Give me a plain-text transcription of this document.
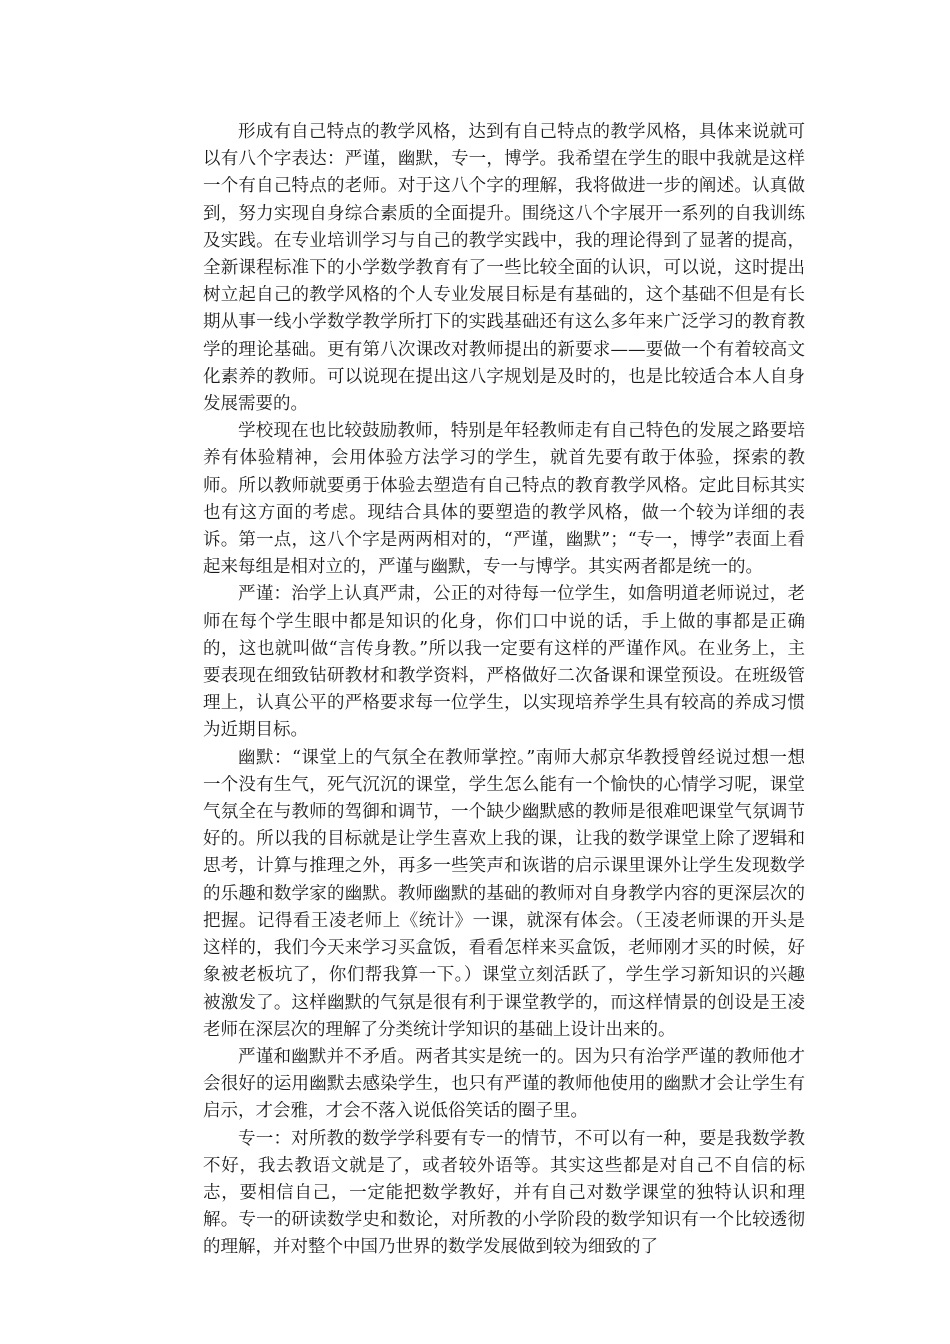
形成有自己特点的教学风格，达到有自己特点的教学风格，具体来说就可以有八个字表达：严谨，幽默，专一，博学。我希望在学生的眼中我就是这样一个有自己特点的老师。对于这八个字的理解，我将做进一步的阐述。认真做到，努力实现自身综合素质的全面提升。围绕这八个字展开一系列的自我训练及实践。在专业培训学习与自己的教学实践中，我的理论得到了显著的提高，全新课程标准下的小学数学教育有了一些比较全面的认识，可以说，这时提出树立起自己的教学风格的个人专业发展目标是有基础的，这个基础不但是有长期从事一线小学数学教学所打下的实践基础还有这么多年来广泛学习的教育教学的理论基础。更有第八次课改对教师提出的新要求——要做一个有着较高文化素养的教师。可以说现在提出这八字规划是及时的，也是比较适合本人自身发展需要的。

学校现在也比较鼓励教师，特别是年轻教师走有自己特色的发展之路要培养有体验精神，会用体验方法学习的学生，就首先要有敢于体验，探索的教师。所以教师就要勇于体验去塑造有自己特点的教育教学风格。定此目标其实也有这方面的考虑。现结合具体的要塑造的教学风格，做一个较为详细的表诉。第一点，这八个字是两两相对的，“严谨，幽默”；“专一，博学”表面上看起来每组是相对立的，严谨与幽默，专一与博学。其实两者都是统一的。

严谨：治学上认真严肃，公正的对待每一位学生，如詹明道老师说过，老师在每个学生眼中都是知识的化身，你们口中说的话，手上做的事都是正确的，这也就叫做“言传身教。”所以我一定要有这样的严谨作风。在业务上，主要表现在细致钻研教材和教学资料，严格做好二次备课和课堂预设。在班级管理上，认真公平的严格要求每一位学生，以实现培养学生具有较高的养成习惯为近期目标。

幽默：“课堂上的气氛全在教师掌控。”南师大郝京华教授曾经说过想一想一个没有生气，死气沉沉的课堂，学生怎么能有一个愉快的心情学习呢，课堂气氛全在与教师的驾御和调节，一个缺少幽默感的教师是很难吧课堂气氛调节好的。所以我的目标就是让学生喜欢上我的课，让我的数学课堂上除了逻辑和思考，计算与推理之外，再多一些笑声和诙谐的启示课里课外让学生发现数学的乐趣和数学家的幽默。教师幽默的基础的教师对自身教学内容的更深层次的把握。记得看王凌老师上《统计》一课，就深有体会。（王凌老师课的开头是这样的，我们今天来学习买盒饭，看看怎样来买盒饭，老师刚才买的时候，好象被老板坑了，你们帮我算一下。）课堂立刻活跃了，学生学习新知识的兴趣被激发了。这样幽默的气氛是很有利于课堂教学的，而这样情景的创设是王凌老师在深层次的理解了分类统计学知识的基础上设计出来的。

严谨和幽默并不矛盾。两者其实是统一的。因为只有治学严谨的教师他才会很好的运用幽默去感染学生，也只有严谨的教师他使用的幽默才会让学生有启示，才会雅，才会不落入说低俗笑话的圈子里。

专一：对所教的数学学科要有专一的情节，不可以有一种，要是我数学教不好，我去教语文就是了，或者较外语等。其实这些都是对自己不自信的标志，要相信自己，一定能把数学教好，并有自己对数学课堂的独特认识和理解。专一的研读数学史和数论，对所教的小学阶段的数学知识有一个比较透彻的理解，并对整个中国乃世界的数学发展做到较为细致的了
